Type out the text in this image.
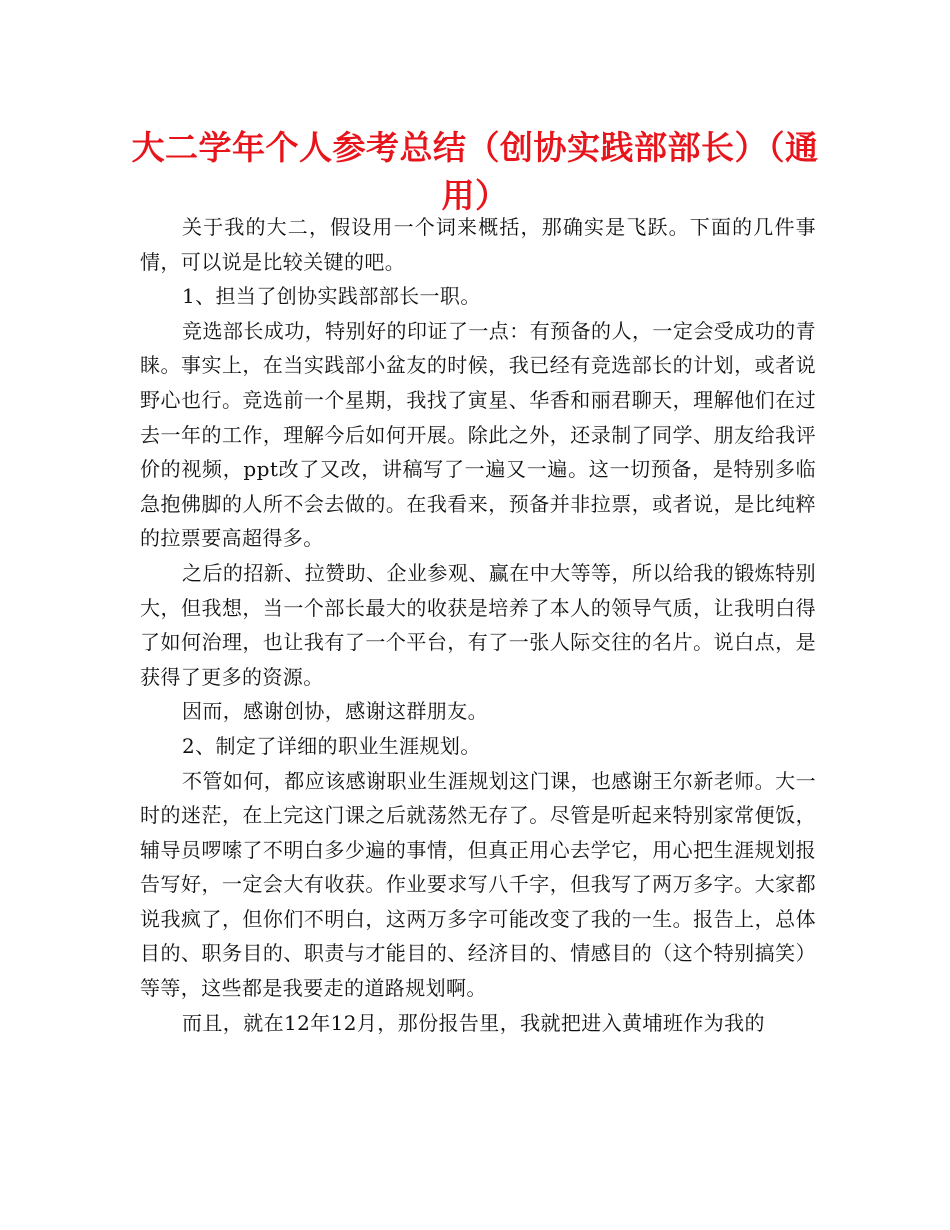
大二学年个人参考总结（创协实践部部长）（通用）

关于我的大二，假设用一个词来概括，那确实是飞跃。下面的几件事情，可以说是比较关键的吧。

1、担当了创协实践部部长一职。

竞选部长成功，特别好的印证了一点：有预备的人，一定会受成功的青睐。事实上，在当实践部小盆友的时候，我已经有竞选部长的计划，或者说野心也行。竞选前一个星期，我找了寅星、华香和丽君聊天，理解他们在过去一年的工作，理解今后如何开展。除此之外，还录制了同学、朋友给我评价的视频，ppt改了又改，讲稿写了一遍又一遍。这一切预备，是特别多临急抱佛脚的人所不会去做的。在我看来，预备并非拉票，或者说，是比纯粹的拉票要高超得多。

之后的招新、拉赞助、企业参观、赢在中大等等，所以给我的锻炼特别大，但我想，当一个部长最大的收获是培养了本人的领导气质，让我明白得了如何治理，也让我有了一个平台，有了一张人际交往的名片。说白点，是获得了更多的资源。

因而，感谢创协，感谢这群朋友。

2、制定了详细的职业生涯规划。

不管如何，都应该感谢职业生涯规划这门课，也感谢王尔新老师。大一时的迷茫，在上完这门课之后就荡然无存了。尽管是听起来特别家常便饭，辅导员啰嗦了不明白多少遍的事情，但真正用心去学它，用心把生涯规划报告写好，一定会大有收获。作业要求写八千字，但我写了两万多字。大家都说我疯了，但你们不明白，这两万多字可能改变了我的一生。报告上，总体目的、职务目的、职责与才能目的、经济目的、情感目的（这个特别搞笑）等等，这些都是我要走的道路规划啊。

而且，就在12年12月，那份报告里，我就把进入黄埔班作为我的
